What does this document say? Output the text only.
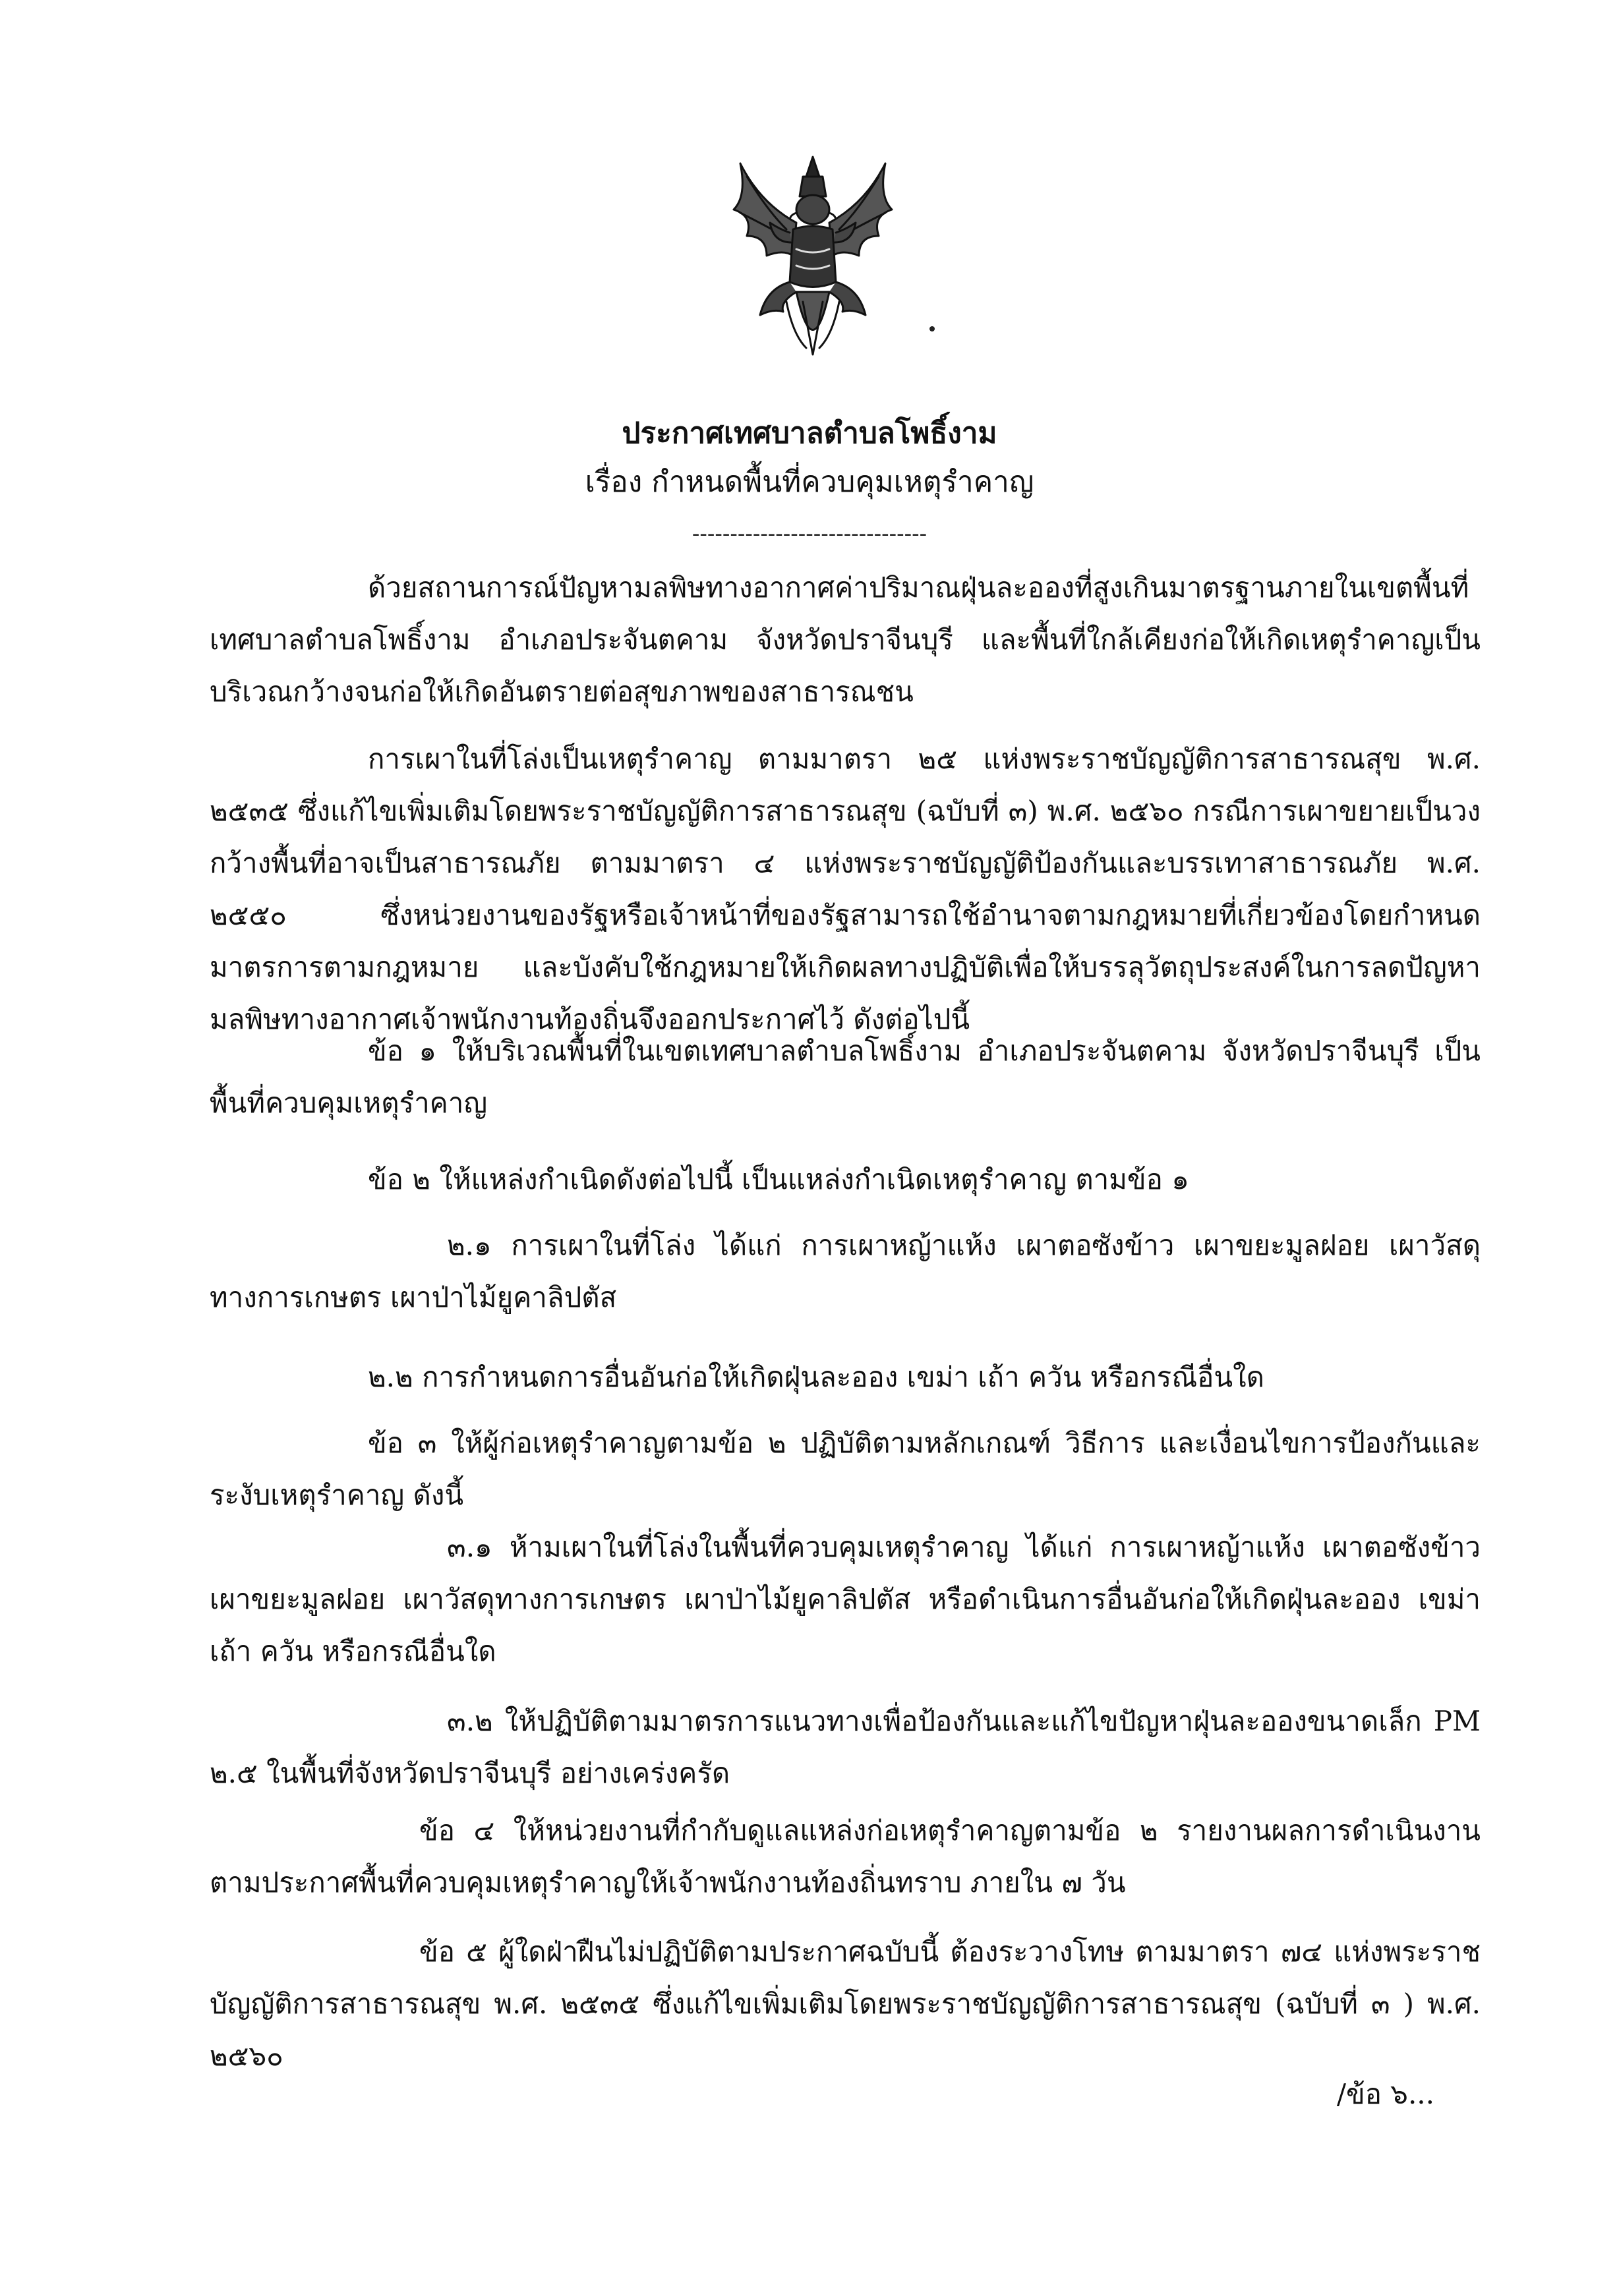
ประกาศเทศบาลตำบลโพธิ์งาม
เรื่อง กำหนดพื้นที่ควบคุมเหตุรำคาญ
-------------------------------

ด้วยสถานการณ์ปัญหามลพิษทางอากาศค่าปริมาณฝุ่นละอองที่สูงเกินมาตรฐานภายในเขตพื้นที่เทศบาลตำบลโพธิ์งาม อำเภอประจันตคาม จังหวัดปราจีนบุรี และพื้นที่ใกล้เคียงก่อให้เกิดเหตุรำคาญเป็นบริเวณกว้างจนก่อให้เกิดอันตรายต่อสุขภาพของสาธารณชน

การเผาในที่โล่งเป็นเหตุรำคาญ ตามมาตรา ๒๕ แห่งพระราชบัญญัติการสาธารณสุข พ.ศ. ๒๕๓๕ ซึ่งแก้ไขเพิ่มเติมโดยพระราชบัญญัติการสาธารณสุข (ฉบับที่ ๓) พ.ศ. ๒๕๖๐ กรณีการเผาขยายเป็นวงกว้างพื้นที่อาจเป็นสาธารณภัย ตามมาตรา ๔ แห่งพระราชบัญญัติป้องกันและบรรเทาสาธารณภัย พ.ศ. ๒๕๕๐ ซึ่งหน่วยงานของรัฐหรือเจ้าหน้าที่ของรัฐสามารถใช้อำนาจตามกฎหมายที่เกี่ยวข้องโดยกำหนดมาตรการตามกฎหมาย และบังคับใช้กฎหมายให้เกิดผลทางปฏิบัติเพื่อให้บรรลุวัตถุประสงค์ในการลดปัญหามลพิษทางอากาศเจ้าพนักงานท้องถิ่นจึงออกประกาศไว้ ดังต่อไปนี้

ข้อ ๑ ให้บริเวณพื้นที่ในเขตเทศบาลตำบลโพธิ์งาม อำเภอประจันตคาม จังหวัดปราจีนบุรี เป็นพื้นที่ควบคุมเหตุรำคาญ

ข้อ ๒ ให้แหล่งกำเนิดดังต่อไปนี้ เป็นแหล่งกำเนิดเหตุรำคาญ ตามข้อ ๑

๒.๑ การเผาในที่โล่ง ได้แก่ การเผาหญ้าแห้ง เผาตอซังข้าว เผาขยะมูลฝอย เผาวัสดุทางการเกษตร เผาป่าไม้ยูคาลิปตัส

๒.๒ การกำหนดการอื่นอันก่อให้เกิดฝุ่นละออง เขม่า เถ้า ควัน หรือกรณีอื่นใด

ข้อ ๓ ให้ผู้ก่อเหตุรำคาญตามข้อ ๒ ปฏิบัติตามหลักเกณฑ์ วิธีการ และเงื่อนไขการป้องกันและระงับเหตุรำคาญ ดังนี้

๓.๑ ห้ามเผาในที่โล่งในพื้นที่ควบคุมเหตุรำคาญ ได้แก่ การเผาหญ้าแห้ง เผาตอซังข้าว เผาขยะมูลฝอย เผาวัสดุทางการเกษตร เผาป่าไม้ยูคาลิปตัส หรือดำเนินการอื่นอันก่อให้เกิดฝุ่นละออง เขม่า เถ้า ควัน หรือกรณีอื่นใด

๓.๒ ให้ปฏิบัติตามมาตรการแนวทางเพื่อป้องกันและแก้ไขปัญหาฝุ่นละอองขนาดเล็ก PM ๒.๕ ในพื้นที่จังหวัดปราจีนบุรี อย่างเคร่งครัด

ข้อ ๔ ให้หน่วยงานที่กำกับดูแลแหล่งก่อเหตุรำคาญตามข้อ ๒ รายงานผลการดำเนินงานตามประกาศพื้นที่ควบคุมเหตุรำคาญให้เจ้าพนักงานท้องถิ่นทราบ ภายใน ๗ วัน

ข้อ ๕ ผู้ใดฝ่าฝืนไม่ปฏิบัติตามประกาศฉบับนี้ ต้องระวางโทษ ตามมาตรา ๗๔ แห่งพระราชบัญญัติการสาธารณสุข พ.ศ. ๒๕๓๕ ซึ่งแก้ไขเพิ่มเติมโดยพระราชบัญญัติการสาธารณสุข (ฉบับที่ ๓ ) พ.ศ. ๒๕๖๐

/ข้อ ๖...
